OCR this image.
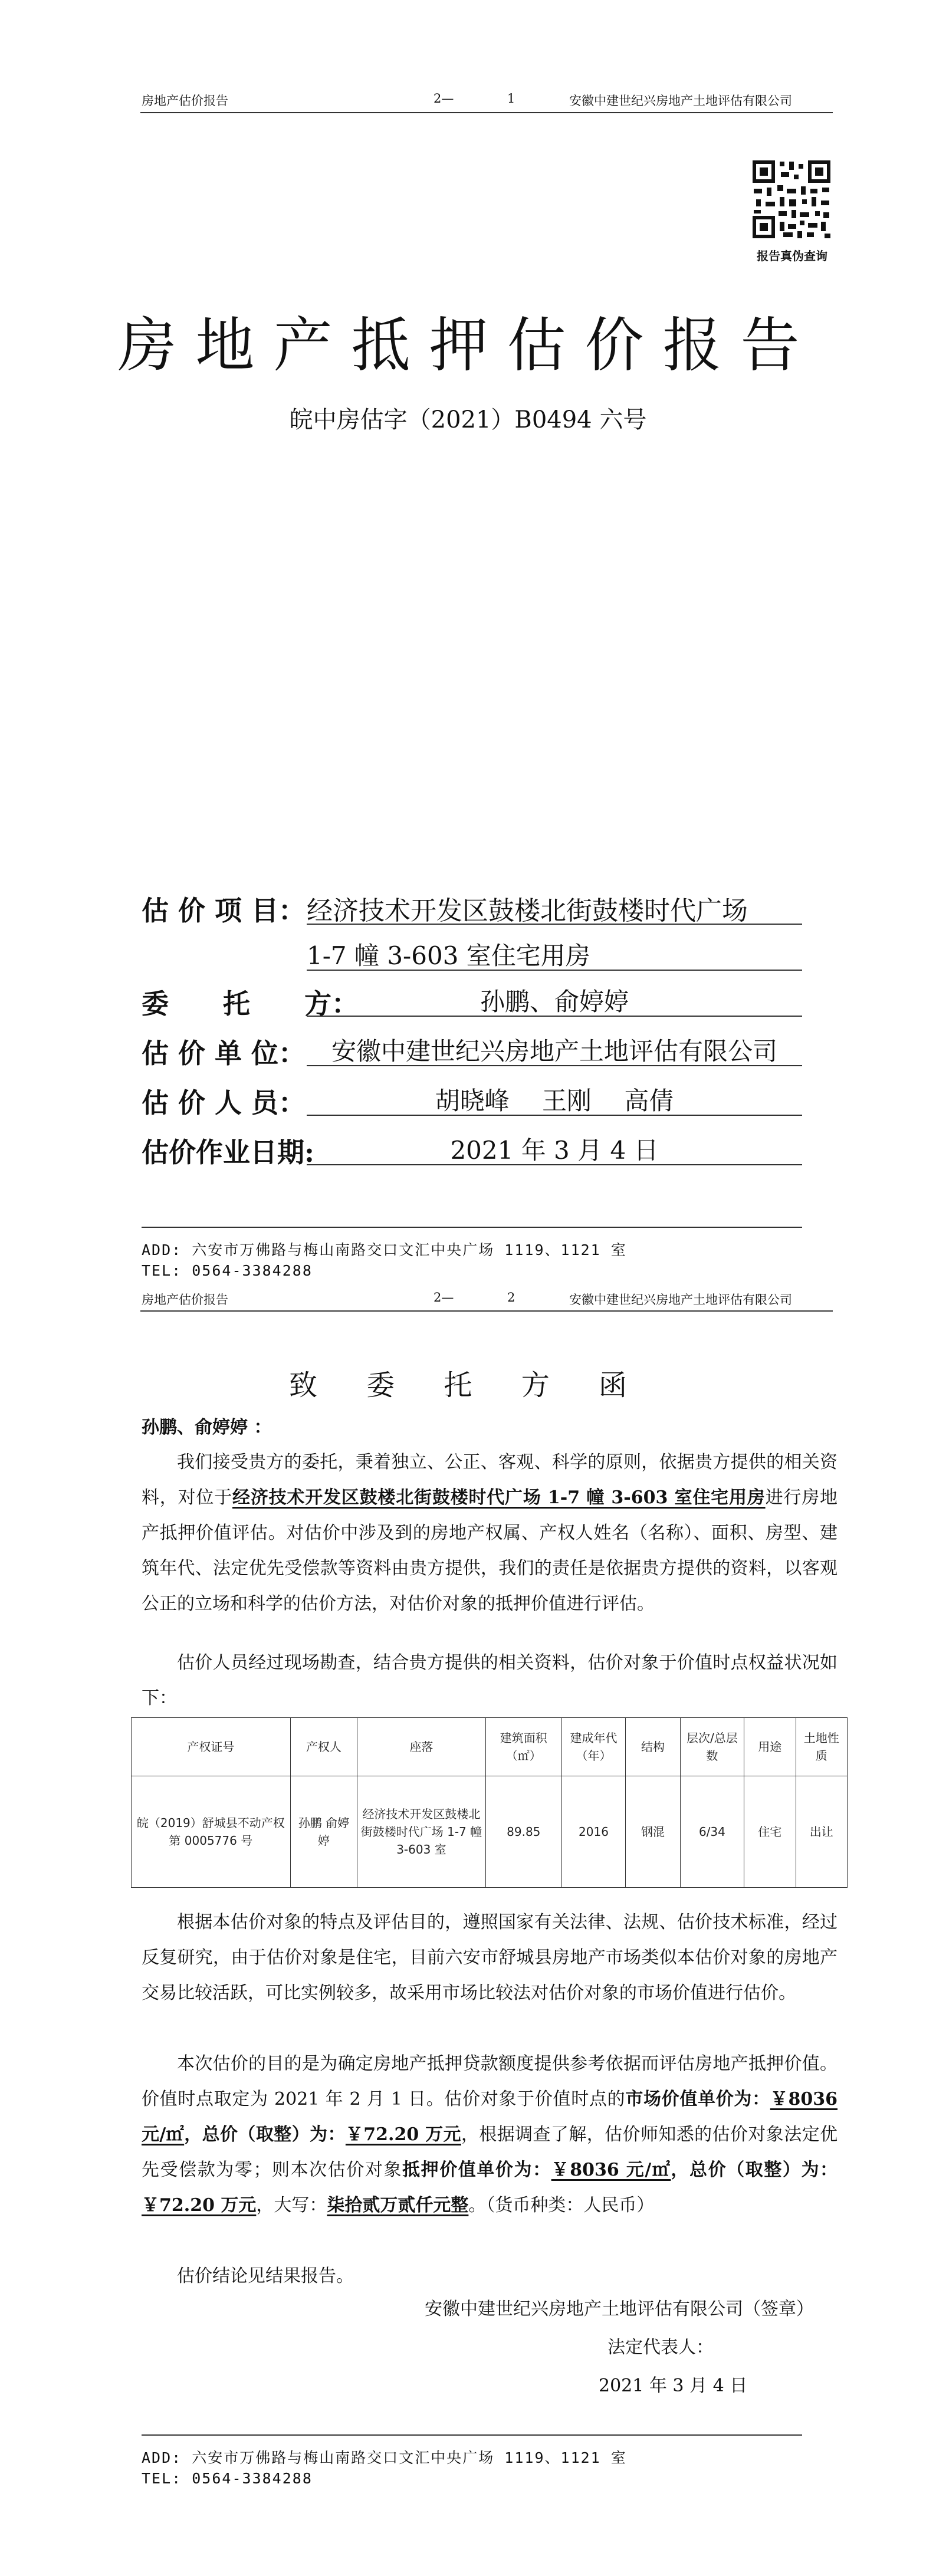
房地产估价报告	2—	1	安徽中建世纪兴房地产土地评估有限公司
报告真伪查询
房地产抵押估价报告
皖中房估字（2021）B0494 六号
估 价 项 目： 经济技术开发区鼓楼北街鼓楼时代广场
1-7 幢 3-603 室住宅用房
委　　托　　方：	孙鹏、俞婷婷
估 价 单 位：	安徽中建世纪兴房地产土地评估有限公司
估 价 人 员：	胡晓峰　 王刚　 高倩
估价作业日期:	2021 年 3 月 4 日
ADD: 六安市万佛路与梅山南路交口文汇中央广场 1119、1121 室
TEL: 0564-3384288
房地产估价报告	2—	2	安徽中建世纪兴房地产土地评估有限公司
致 委 托 方 函
孙鹏、俞婷婷 ：
我们接受贵方的委托，秉着独立、公正、客观、科学的原则，依据贵方提供的相关资料，对位于经济技术开发区鼓楼北街鼓楼时代广场 1-7 幢 3-603 室住宅用房进行房地产抵押价值评估。对估价中涉及到的房地产权属、产权人姓名（名称）、面积、房型、建筑年代、法定优先受偿款等资料由贵方提供，我们的责任是依据贵方提供的资料，以客观公正的立场和科学的估价方法，对估价对象的抵押价值进行评估。
估价人员经过现场勘查，结合贵方提供的相关资料，估价对象于价值时点权益状况如下：
产权证号	产权人	座落	建筑面积（㎡）	建成年代（年）	结构	层次/总层数	用途	土地性质
皖（2019）舒城县不动产权第 0005776 号	孙鹏 俞婷婷	经济技术开发区鼓楼北街鼓楼时代广场 1-7 幢 3-603 室	89.85	2016	钢混	6/34	住宅	出让
根据本估价对象的特点及评估目的，遵照国家有关法律、法规、估价技术标准，经过反复研究，由于估价对象是住宅，目前六安市舒城县房地产市场类似本估价对象的房地产交易比较活跃，可比实例较多，故采用市场比较法对估价对象的市场价值进行估价。
本次估价的目的是为确定房地产抵押贷款额度提供参考依据而评估房地产抵押价值。价值时点取定为 2021 年 2 月 1 日。估价对象于价值时点的市场价值单价为：￥8036 元/㎡，总价（取整）为：￥72.20 万元，根据调查了解，估价师知悉的估价对象法定优先受偿款为零；则本次估价对象抵押价值单价为：￥8036 元/㎡，总价（取整）为：￥72.20 万元，大写：柒拾贰万贰仟元整。（货币种类：人民币）
估价结论见结果报告。
安徽中建世纪兴房地产土地评估有限公司（签章）
法定代表人：
2021 年 3 月 4 日
ADD: 六安市万佛路与梅山南路交口文汇中央广场 1119、1121 室
TEL: 0564-3384288
